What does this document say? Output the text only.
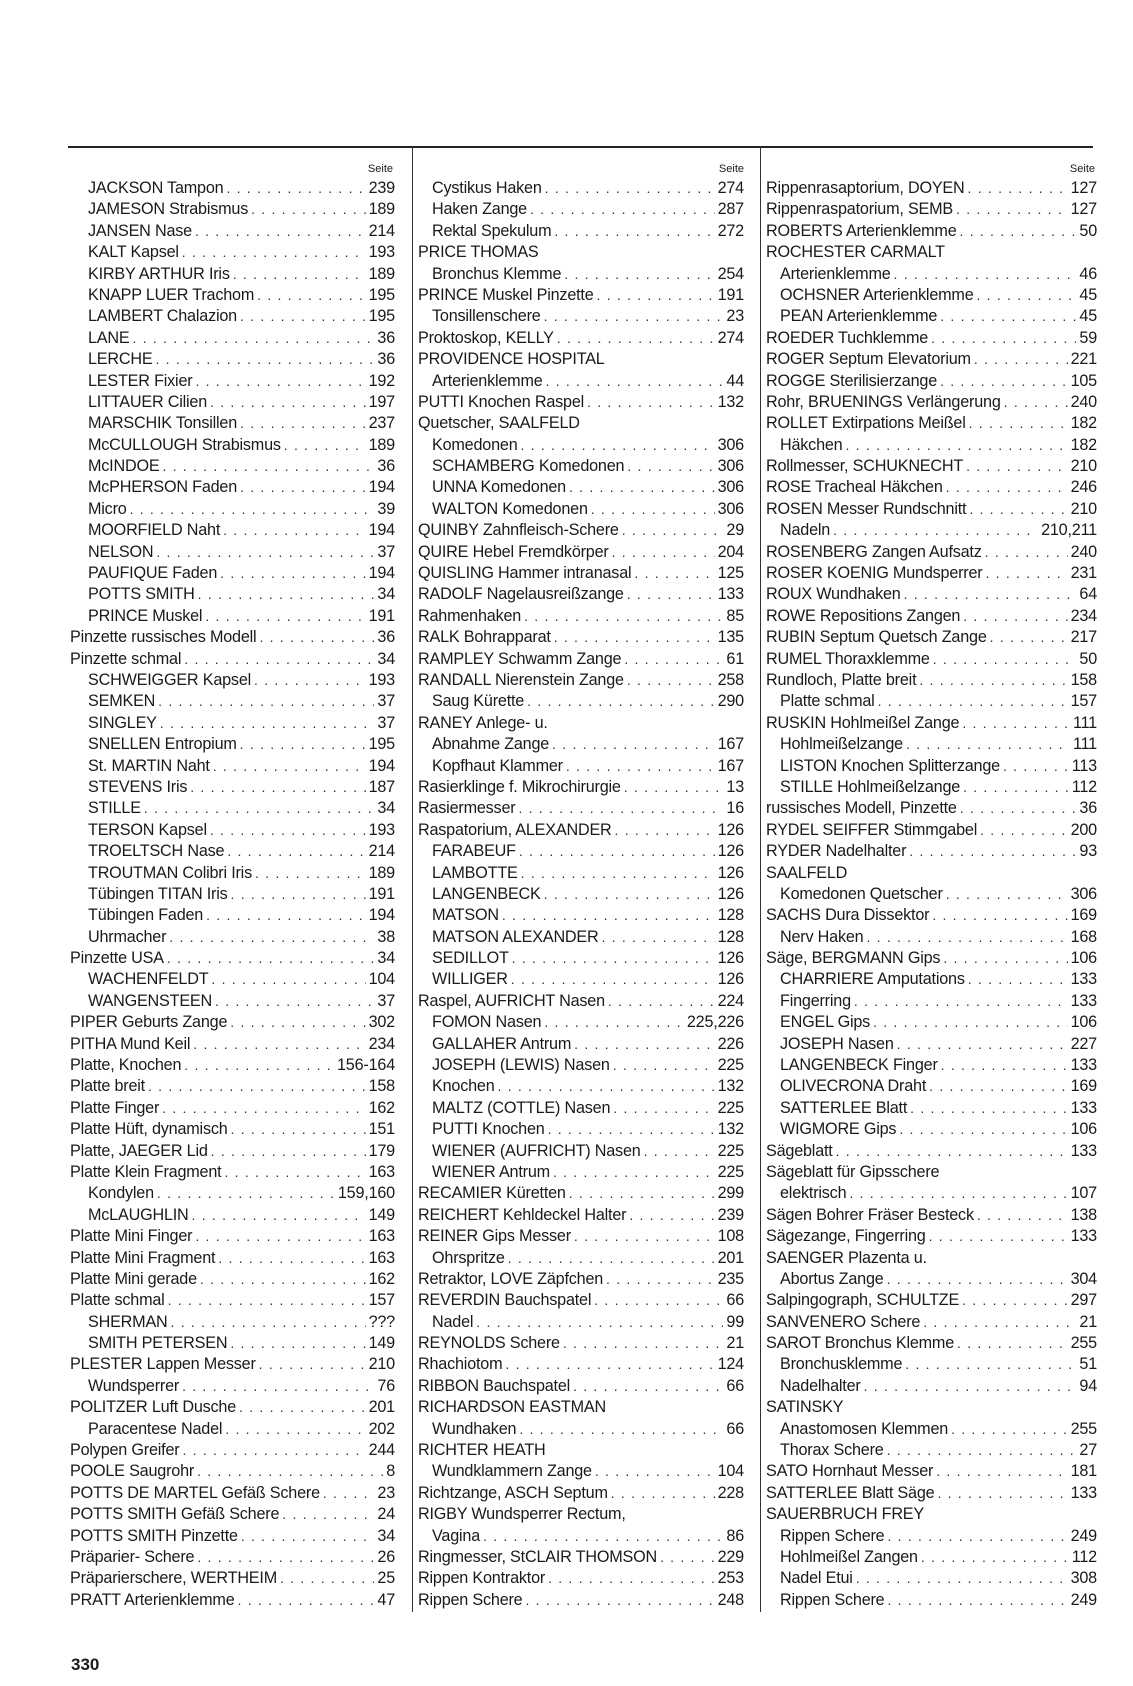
Seite
JACKSON Tampon . . .	239
JAMESON Strabismus . . .	189
JANSEN Nase . . .	214
KALT Kapsel . . .	193
KIRBY ARTHUR Iris . . .	189
KNAPP LUER Trachom . . .	195
LAMBERT Chalazion . . .	195
LANE . . .	36
LERCHE . . .	36
LESTER Fixier . . .	192
LITTAUER Cilien . . .	197
MARSCHIK Tonsillen . . .	237
McCULLOUGH Strabismus . . .	189
McINDOE . . .	36
McPHERSON Faden . . .	194
Micro . . .	39
MOORFIELD Naht . . .	194
NELSON . . .	37
PAUFIQUE Faden . . .	194
POTTS SMITH . . .	34
PRINCE Muskel . . .	191
Pinzette russisches Modell . . .	36
Pinzette schmal . . .	34
SCHWEIGGER Kapsel . . .	193
SEMKEN . . .	37
SINGLEY . . .	37
SNELLEN Entropium . . .	195
St. MARTIN Naht . . .	194
STEVENS Iris . . .	187
STILLE . . .	34
TERSON Kapsel . . .	193
TROELTSCH Nase . . .	214
TROUTMAN Colibri Iris . . .	189
Tübingen TITAN Iris . . .	191
Tübingen Faden . . .	194
Uhrmacher . . .	38
Pinzette USA . . .	34
WACHENFELDT . . .	104
WANGENSTEEN . . .	37
PIPER Geburts Zange . . .	302
PITHA Mund Keil . . .	234
Platte, Knochen . . .	156-164
Platte breit . . .	158
Platte Finger . . .	162
Platte Hüft, dynamisch . . .	151
Platte, JAEGER Lid . . .	179
Platte Klein Fragment . . .	163
Kondylen . . .	159,160
McLAUGHLIN . . .	149
Platte Mini Finger . . .	163
Platte Mini Fragment . . .	163
Platte Mini gerade . . .	162
Platte schmal . . .	157
SHERMAN . . .	???
SMITH PETERSEN . . .	149
PLESTER Lappen Messer . . .	210
Wundsperrer . . .	76
POLITZER Luft Dusche . . .	201
Paracentese Nadel . . .	202
Polypen Greifer . . .	244
POOLE Saugrohr . . .	8
POTTS DE MARTEL Gefäß Schere . . .	23
POTTS SMITH Gefäß Schere . . .	24
POTTS SMITH Pinzette . . .	34
Präparier- Schere . . .	26
Präparierschere, WERTHEIM . . .	25
PRATT Arterienklemme . . .	47
Seite
Cystikus Haken . . .	274
Haken Zange . . .	287
Rektal Spekulum . . .	272
PRICE THOMAS
Bronchus Klemme . . .	254
PRINCE Muskel Pinzette . . .	191
Tonsillenschere . . .	23
Proktoskop, KELLY . . .	274
PROVIDENCE HOSPITAL
Arterienklemme . . .	44
PUTTI Knochen Raspel . . .	132
Quetscher, SAALFELD
Komedonen . . .	306
SCHAMBERG Komedonen . . .	306
UNNA Komedonen . . .	306
WALTON Komedonen . . .	306
QUINBY Zahnfleisch-Schere . . .	29
QUIRE Hebel Fremdkörper . . .	204
QUISLING Hammer intranasal . . .	125
RADOLF Nagelausreißzange . . .	133
Rahmenhaken . . .	85
RALK Bohrapparat . . .	135
RAMPLEY Schwamm Zange . . .	61
RANDALL Nierenstein Zange . . .	258
Saug Kürette . . .	290
RANEY Anlege- u.
Abnahme Zange . . .	167
Kopfhaut Klammer . . .	167
Rasierklinge f. Mikrochirurgie . . .	13
Rasiermesser . . .	16
Raspatorium, ALEXANDER . . .	126
FARABEUF . . .	126
LAMBOTTE . . .	126
LANGENBECK . . .	126
MATSON . . .	128
MATSON ALEXANDER . . .	128
SEDILLOT . . .	126
WILLIGER . . .	126
Raspel, AUFRICHT Nasen . . .	224
FOMON Nasen . . .	225,226
GALLAHER Antrum . . .	226
JOSEPH (LEWIS) Nasen . . .	225
Knochen . . .	132
MALTZ (COTTLE) Nasen . . .	225
PUTTI Knochen . . .	132
WIENER (AUFRICHT) Nasen . . .	225
WIENER Antrum . . .	225
RECAMIER Küretten . . .	299
REICHERT Kehldeckel Halter . . .	239
REINER Gips Messer . . .	108
Ohrspritze . . .	201
Retraktor, LOVE Zäpfchen . . .	235
REVERDIN Bauchspatel . . .	66
Nadel . . .	99
REYNOLDS Schere . . .	21
Rhachiotom . . .	124
RIBBON Bauchspatel . . .	66
RICHARDSON EASTMAN
Wundhaken . . .	66
RICHTER HEATH
Wundklammern Zange . . .	104
Richtzange, ASCH Septum . . .	228
RIGBY Wundsperrer Rectum,
Vagina . . .	86
Ringmesser, StCLAIR THOMSON . . .	229
Rippen Kontraktor . . .	253
Rippen Schere . . .	248
Seite
Rippenrasaptorium, DOYEN . . .	127
Rippenraspatorium, SEMB . . .	127
ROBERTS Arterienklemme . . .	50
ROCHESTER CARMALT
Arterienklemme . . .	46
OCHSNER Arterienklemme . . .	45
PEAN Arterienklemme . . .	45
ROEDER Tuchklemme . . .	59
ROGER Septum Elevatorium . . .	221
ROGGE Sterilisierzange . . .	105
Rohr, BRUENINGS Verlängerung . . .	240
ROLLET Extirpations Meißel . . .	182
Häkchen . . .	182
Rollmesser, SCHUKNECHT . . .	210
ROSE Tracheal Häkchen . . .	246
ROSEN Messer Rundschnitt . . .	210
Nadeln . . .	210,211
ROSENBERG Zangen Aufsatz . . .	240
ROSER KOENIG Mundsperrer . . .	231
ROUX Wundhaken . . .	64
ROWE Repositions Zangen . . .	234
RUBIN Septum Quetsch Zange . . .	217
RUMEL Thoraxklemme . . .	50
Rundloch, Platte breit . . .	158
Platte schmal . . .	157
RUSKIN Hohlmeißel Zange . . .	111
Hohlmeißelzange . . .	111
LISTON Knochen Splitterzange . . .	113
STILLE Hohlmeißelzange . . .	112
russisches Modell, Pinzette . . .	36
RYDEL SEIFFER Stimmgabel . . .	200
RYDER Nadelhalter . . .	93
SAALFELD
Komedonen Quetscher . . .	306
SACHS Dura Dissektor . . .	169
Nerv Haken . . .	168
Säge, BERGMANN Gips . . .	106
CHARRIERE Amputations . . .	133
Fingerring . . .	133
ENGEL Gips . . .	106
JOSEPH Nasen . . .	227
LANGENBECK Finger . . .	133
OLIVECRONA Draht . . .	169
SATTERLEE Blatt . . .	133
WIGMORE Gips . . .	106
Sägeblatt . . .	133
Sägeblatt für Gipsschere
elektrisch . . .	107
Sägen Bohrer Fräser Besteck . . .	138
Sägezange, Fingerring . . .	133
SAENGER Plazenta u.
Abortus Zange . . .	304
Salpingograph, SCHULTZE . . .	297
SANVENERO Schere . . .	21
SAROT Bronchus Klemme . . .	255
Bronchusklemme . . .	51
Nadelhalter . . .	94
SATINSKY
Anastomosen Klemmen . . .	255
Thorax Schere . . .	27
SATO Hornhaut Messer . . .	181
SATTERLEE Blatt Säge . . .	133
SAUERBRUCH FREY
Rippen Schere . . .	249
Hohlmeißel Zangen . . .	112
Nadel Etui . . .	308
Rippen Schere . . .	249
330
